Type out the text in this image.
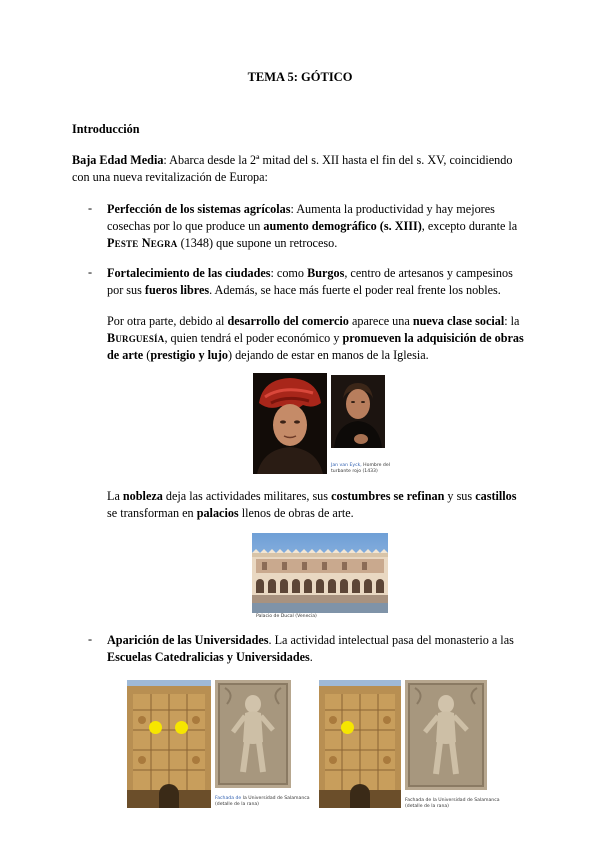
TEMA 5: GÓTICO
Introducción
Baja Edad Media: Abarca desde la 2ª mitad del s. XII hasta el fin del s. XV, coincidiendo
con una nueva revitalización de Europa:
- Perfección de los sistemas agrícolas: Aumenta la productividad y hay mejores
cosechas por lo que produce un aumento demográfico (s. XIII), excepto durante la
Peste Negra (1348) que supone un retroceso.
- Fortalecimiento de las ciudades: como Burgos, centro de artesanos y campesinos
por sus fueros libres. Además, se hace más fuerte el poder real frente los nobles.
Por otra parte, debido al desarrollo del comercio aparece una nueva clase social: la
Burguesía, quien tendrá el poder económico y promueven la adquisición de obras
de arte (prestigio y lujo) dejando de estar en manos de la Iglesia.
Jan van Eyck, Hombre del
turbante rojo (1433)
La nobleza deja las actividades militares, sus costumbres se refinan y sus castillos
se transforman en palacios llenos de obras de arte.
Palacio de Ducal (Venecia)
- Aparición de las Universidades. La actividad intelectual pasa del monasterio a las
Escuelas Catedralicias y Universidades.
Fachada de la Universidad de Salamanca
(detalle de la rana)
Fachada de la Universidad de Salamanca
(detalle de la rana)
